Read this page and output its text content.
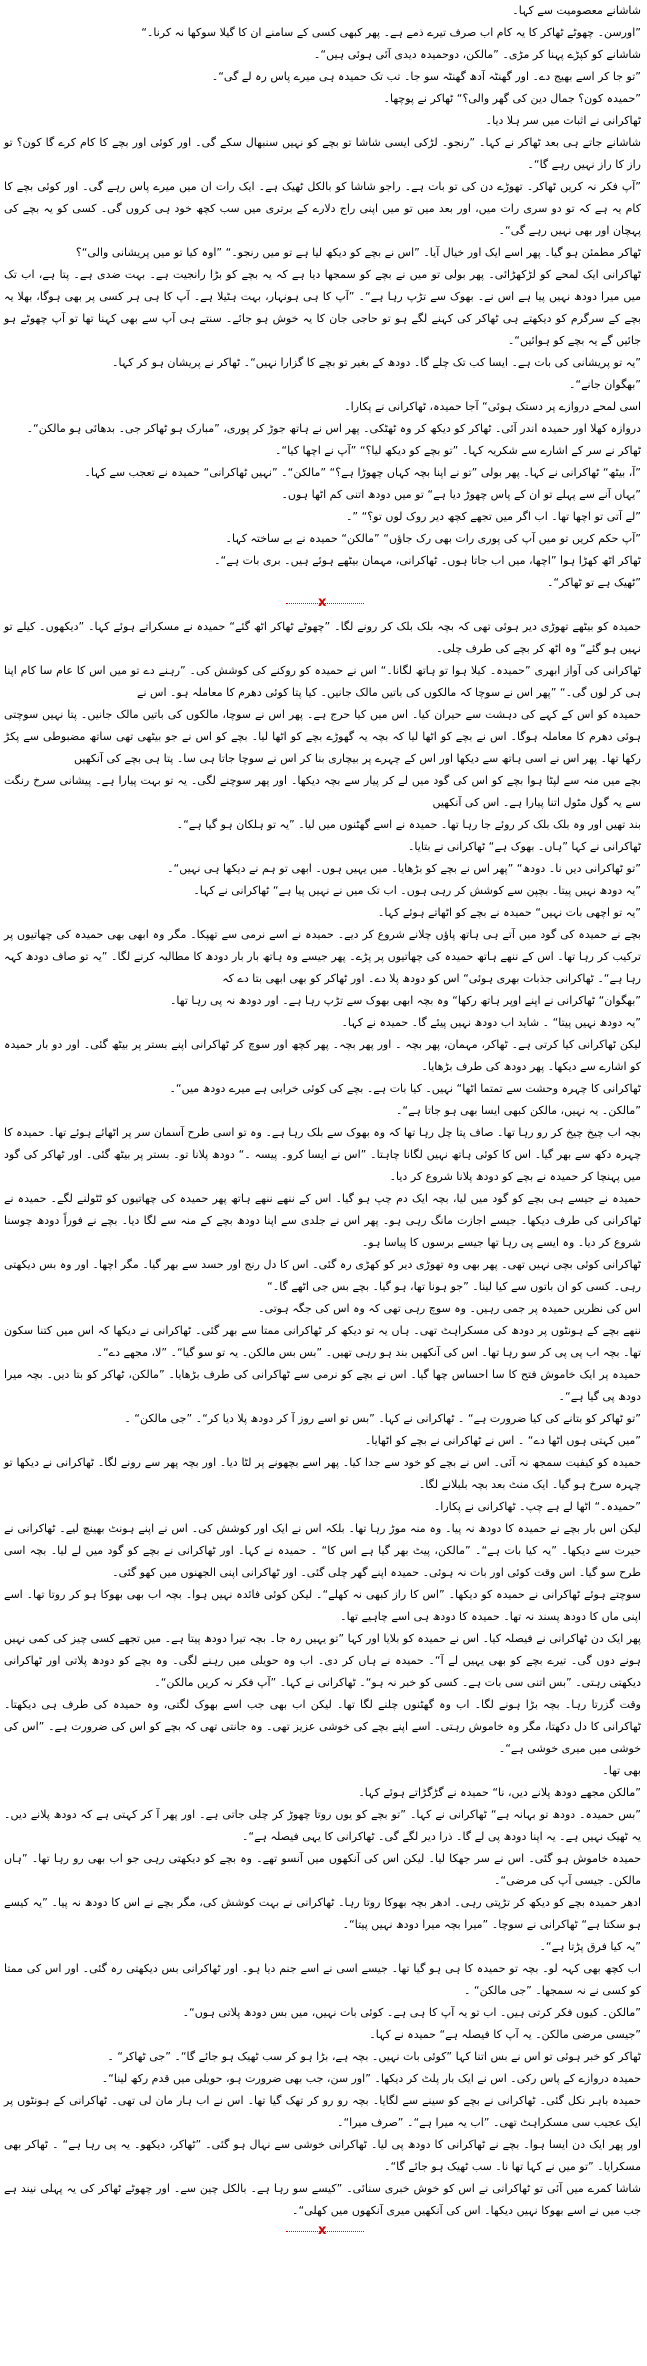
شاشانے معصومیت سے کہا۔

”اورسن۔ چھوٹے ٹھاکر کا یہ کام اب صرف تیرے ذمے ہے۔ پھر کبھی کسی کے سامنے ان کا گیلا سوکھا نہ کرنا۔“

شاشانے کو کپڑے پہنا کر مڑی۔ ”مالکن، دوحمیدہ دیدی آئی ہوئی ہیں“۔

”تو جا کر اسے بھیج دے۔ اور گھنٹہ آدھ گھنٹہ سو جا۔ تب تک حمیدہ ہی میرے پاس رہ لے گی“۔

”حمیدہ کون؟ جمال دین کی گھر والی؟“ ٹھاکر نے پوچھا۔

ٹھاکرانی نے اثبات میں سر ہلا دیا۔

شاشانے جاتے ہی بعد ٹھاکر نے کہا۔ ”رنجو۔ لڑکی ایسی شاشا تو بچے کو نہیں سنبھال سکے گی۔ اور کوئی اور بچے کا کام کرے گا کون؟ تو راز کا راز نہیں رہے گا“۔

”آپ فکر نہ کریں ٹھاکر۔ تھوڑے دن کی تو بات ہے۔ راجو شاشا کو بالکل ٹھیک ہے۔ ایک رات ان میں میرے پاس رہے گی۔ اور کوئی بچے کا کام یہ ہے کہ تو دو سری رات میں، اور بعد میں تو میں اپنی راج دلارے کے برتری میں سب کچھ خود ہی کروں گی۔ کسی کو یہ بچے کی پہچان اور بھی نہیں رہے گی“۔

ٹھاکر مطمئن ہو گیا۔ پھر اسے ایک اور خیال آیا۔ ”اس نے بچے کو دیکھ لیا ہے تو میں رنجو۔“ ”اوہ کیا تو میں پریشانی والی“؟

ٹھاکرانی ایک لمحے کو لڑکھڑائی۔ پھر بولی تو میں نے بچے کو سمجھا دیا ہے کہ یہ بچے کو بڑا رانجیت ہے۔ بہت ضدی ہے۔ پتا ہے، اب تک میں میرا دودھ نہیں پیا ہے اس نے۔ بھوک سے تڑپ رہا ہے“۔ ”آپ کا ہی ہونہار، بہت ہٹیلا ہے۔ آپ کا ہی ہر کسی پر بھی ہوگا، بھلا یہ بچے کے سرگرم کو دیکھتے ہی ٹھاکر کی کہنے لگے ہو تو حاجی جان کا یہ خوش ہو جائے۔ سنتے ہی آپ سے بھی کہنا تھا تو آپ چھوٹے ہو جائیں گے یہ بچے کو ہوائیں“۔

”یہ تو پریشانی کی بات ہے۔ ایسا کب تک چلے گا۔ دودھ کے بغیر تو بچے کا گزارا نہیں“۔ ٹھاکر نے پریشان ہو کر کہا۔

”بھگوان جانے“۔

اسی لمحے دروازے پر دستک ہوئی“ آجا حمیدہ، ٹھاکرانی نے پکارا۔

دروازہ کھلا اور حمیدہ اندر آئی۔ ٹھاکر کو دیکھ کر وہ ٹھٹکی۔ پھر اس نے ہاتھ جوڑ کر پوری، ”مبارک ہو ٹھاکر جی۔ بدھائی ہو مالکن“۔

ٹھاکر نے سر کے اشارے سے شکریہ کہا۔ ”تو بچے کو دیکھ لیا؟“ ”آپ نے اچھا کیا“۔

”آ، بیٹھ“ ٹھاکرانی نے کہا۔ پھر بولی ”تو نے اپنا بچہ کہاں چھوڑا ہے؟“ ”مالکن“۔ ”نہیں ٹھاکرانی“ حمیدہ نے تعجب سے کہا۔

”یہاں آنے سے پہلے تو ان کے پاس چھوڑ دیا ہے“ تو میں دودھ اتنی کم اٹھا ہوں۔

”لے آتی تو اچھا تھا۔ اب اگر میں تجھے کچھ دیر روک لوں تو؟“ ”۔

”آپ حکم کریں تو میں آپ کی پوری رات بھی رک جاؤں“ ”مالکن“ حمیدہ نے بے ساختہ کہا۔

ٹھاکر اٹھ کھڑا ہوا ”اچھا، میں اب جاتا ہوں۔ ٹھاکرانی، مہمان بیٹھے ہوئے ہیں۔ بری بات ہے“۔

”ٹھیک ہے تو ٹھاکر“۔

x

حمیدہ کو بیٹھے تھوڑی دیر ہوئی تھی کہ بچہ بلک بلک کر رونے لگا۔ ”چھوٹے ٹھاکر اٹھ گئے“ حمیدہ نے مسکراتے ہوئے کہا۔ ”دیکھوں۔ کیلے تو نہیں ہو گئے“ وہ اٹھ کر بچے کی طرف چلی۔

ٹھاکرانی کی آواز ابھری ”حمیدہ۔ کیلا ہوا تو ہاتھ لگانا۔“ اس نے حمیدہ کو روکنے کی کوشش کی۔ ”رہنے دے تو میں اس کا عام سا کام اپنا ہی کر لوں گی۔“ ”پھر اس نے سوچا کہ مالکوں کی باتیں مالک جانیں۔ کیا پتا کوئی دھرم کا معاملہ ہو۔ اس نے

حمیدہ کو اس کے کہے کی دہشت سے حیران کیا۔ اس میں کیا حرج ہے۔ پھر اس نے سوچا، مالکوں کی باتیں مالک جانیں۔ پتا نہیں سوچتی ہوئی دھرم کا معاملہ ہوگا۔ اس نے بچے کو اٹھا لیا کہ بچہ یہ گھوڑے بچے کو اٹھا لیا۔ بچے کو اس نے جو بیٹھی تھی ساتھ مضبوطی سے پکڑ رکھا تھا۔ پھر اس نے اسی ہاتھ سے دیکھا اور اس کے چہرے پر بیچاری بنا کر اس نے سوچا جاتا ہی سا۔ پتا ہی بچے کی آنکھیں

بچے میں منہ سے لپٹا ہوا بچے کو اس کی گود میں لے کر پیار سے بچہ دیکھا۔ اور پھر سوچنے لگی۔ یہ تو بہت پیارا ہے۔ پیشانی سرخ رنگت سے یہ گول مٹول اتنا پیارا ہے۔ اس کی آنکھیں

بند تھیں اور وہ بلک بلک کر روئے جا رہا تھا۔ حمیدہ نے اسے گھٹنوں میں لیا۔ ”یہ تو ہلکان ہو گیا ہے“۔

ٹھاکرانی نے کہا ”ہاں۔ بھوک ہے“ ٹھاکرانی نے بتایا۔

”تو ٹھاکرانی دیں نا۔ دودھ“ ”پھر اس نے بچے کو بڑھایا۔ میں یہیں ہوں۔ ابھی تو ہم نے دیکھا ہی نہیں“۔

”یہ دودھ نہیں پیتا۔ بچپن سے کوشش کر رہی ہوں۔ اب تک میں نے نہیں پیا ہے“ ٹھاکرانی نے کہا۔

”یہ تو اچھی بات نہیں“ حمیدہ نے بچے کو اٹھاتے ہوئے کہا۔

بچے نے حمیدہ کی گود میں آتے ہی ہاتھ پاؤں چلانے شروع کر دیے۔ حمیدہ نے اسے نرمی سے تھپکا۔ مگر وہ ابھی بھی حمیدہ کی چھاتیوں پر ترکیب کر رہا تھا۔ اس کے ننھے ہاتھ حمیدہ کی چھاتیوں پر پڑے۔ پھر جیسے وہ ہاتھ بار بار دودھ کا مطالبہ کرنے لگا۔ ”یہ تو صاف دودھ کہہ رہا ہے“۔ ٹھاکرانی جذبات بھری ہوئی“ اس کو دودھ پلا دے۔ اور ٹھاکر کو بھی ابھی بتا دے کہ

”بھگوان“ ٹھاکرانی نے اپنے اوپر ہاتھ رکھا“ وہ بچہ ابھی بھوک سے تڑپ رہا ہے۔ اور دودھ نہ پی رہا تھا۔

”یہ دودھ نہیں پیتا“ ۔ شاید اب دودھ نہیں پیئے گا۔ حمیدہ نے کہا۔

لیکن ٹھاکرانی کیا کرتی ہے۔ ٹھاکر، مہمان، پھر بچہ ۔ اور پھر بچہ۔ پھر کچھ اور سوچ کر ٹھاکرانی اپنے بستر پر بیٹھ گئی۔ اور دو بار حمیدہ کو اشارے سے دیکھا۔ پھر دودھ کی طرف بڑھایا۔

ٹھاکرانی کا چہرہ وحشت سے تمتما اٹھا“ نہیں۔ کیا بات ہے۔ بچے کی کوئی خرابی ہے میرے دودھ میں“۔

”مالکن۔ یہ نہیں، مالکن کبھی ایسا بھی ہو جاتا ہے“۔

بچہ اب چیخ چیخ کر رو رہا تھا۔ صاف پتا چل رہا تھا کہ وہ بھوک سے بلک رہا ہے۔ وہ تو اسی طرح آسمان سر پر اٹھائے ہوئے تھا۔ حمیدہ کا چہرہ دکھ سے بھر گیا۔ اس کا کوئی ہاتھ نہیں لگانا چاہتا۔ ”اس نے ایسا کرو۔ پیسہ ۔“ دودھ پلانا تو۔ بستر پر بیٹھ گئی۔ اور ٹھاکر کی گود میں پہنچا کر حمیدہ نے بچے کو دودھ پلانا شروع کر دیا۔

حمیدہ نے جیسے ہی بچے کو گود میں لیا، بچہ ایک دم چپ ہو گیا۔ اس کے ننھے ننھے ہاتھ پھر حمیدہ کی چھاتیوں کو ٹٹولنے لگے۔ حمیدہ نے ٹھاکرانی کی طرف دیکھا۔ جیسے اجازت مانگ رہی ہو۔ پھر اس نے جلدی سے اپنا دودھ بچے کے منہ سے لگا دیا۔ بچے نے فوراً دودھ چوسنا شروع کر دیا۔ وہ ایسے پی رہا تھا جیسے برسوں کا پیاسا ہو۔

ٹھاکرانی کوئی بچی نہیں تھی۔ پھر بھی وہ تھوڑی دیر کو کھڑی رہ گئی۔ اس کا دل رنج اور حسد سے بھر گیا۔ مگر اچھا۔ اور وہ بس دیکھتی رہی۔ کسی کو ان باتوں سے کیا لینا۔ ”جو ہونا تھا، ہو گیا۔ بچے بس جی اٹھے گا۔“

اس کی نظریں حمیدہ پر جمی رہیں۔ وہ سوچ رہی تھی کہ وہ اس کی جگہ ہوتی۔

ننھے بچے کے ہونٹوں پر دودھ کی مسکراہٹ تھی۔ ہاں یہ تو دیکھ کر ٹھاکرانی ممتا سے بھر گئی۔ ٹھاکرانی نے دیکھا کہ اس میں کتنا سکون تھا۔ بچہ اب پی پی کر سو رہا تھا۔ اس کی آنکھیں بند ہو رہی تھیں۔ ”بس بس مالکن۔ یہ تو سو گیا“۔ ”لا، مجھے دے“۔

حمیدہ پر ایک خاموش فتح کا سا احساس چھا گیا۔ اس نے بچے کو نرمی سے ٹھاکرانی کی طرف بڑھایا۔ ”مالکن، ٹھاکر کو بتا دیں۔ بچہ میرا دودھ پی گیا ہے“۔

”تو ٹھاکر کو بتانے کی کیا ضرورت ہے“ ۔ ٹھاکرانی نے کہا۔ ”بس تو اسے روز آ کر دودھ پلا دیا کر“۔ ”جی مالکن“ ۔

”میں کہتی ہوں اٹھا دے“ ۔ اس نے ٹھاکرانی نے بچے کو اٹھایا۔

حمیدہ کو کیفیت سمجھ نہ آئی۔ اس نے بچے کو خود سے جدا کیا۔ پھر اسے بچھونے پر لٹا دیا۔ اور بچہ پھر سے رونے لگا۔ ٹھاکرانی نے دیکھا تو چہرہ سرخ ہو گیا۔ ایک منٹ بعد بچہ بلبلانے لگا۔

”حمیدہ۔“ اٹھا لے ہے چپ۔ ٹھاکرانی نے پکارا۔

لیکن اس بار بچے نے حمیدہ کا دودھ نہ پیا۔ وہ منہ موڑ رہا تھا۔ بلکہ اس نے ایک اور کوشش کی۔ اس نے اپنے ہونٹ بھینچ لیے۔ ٹھاکرانی نے حیرت سے دیکھا۔ ”یہ کیا بات ہے“۔ ”مالکن، پیٹ بھر گیا ہے اس کا“ ۔ حمیدہ نے کہا۔ اور ٹھاکرانی نے بچے کو گود میں لے لیا۔ بچہ اسی طرح سو گیا۔ اس وقت کوئی اور بات نہ ہوئی۔ حمیدہ اپنے گھر چلی گئی۔ اور ٹھاکرانی اپنی الجھنوں میں کھو گئی۔

سوچتے ہوئے ٹھاکرانی نے حمیدہ کو دیکھا۔ ”اس کا راز کبھی نہ کھلے“۔ لیکن کوئی فائدہ نہیں ہوا۔ بچہ اب بھی بھوکا ہو کر روتا تھا۔ اسے اپنی ماں کا دودھ پسند نہ تھا۔ حمیدہ کا دودھ ہی اسے چاہیے تھا۔

پھر ایک دن ٹھاکرانی نے فیصلہ کیا۔ اس نے حمیدہ کو بلایا اور کہا ”تو یہیں رہ جا۔ بچہ تیرا دودھ پیتا ہے۔ میں تجھے کسی چیز کی کمی نہیں ہونے دوں گی۔ تیرے بچے کو بھی یہیں لے آ“۔ حمیدہ نے ہاں کر دی۔ اب وہ حویلی میں رہنے لگی۔ وہ بچے کو دودھ پلاتی اور ٹھاکرانی دیکھتی رہتی۔ ”بس اتنی سی بات ہے۔ کسی کو خبر نہ ہو“۔ ٹھاکرانی نے کہا۔ ”آپ فکر نہ کریں مالکن“۔

وقت گزرتا رہا۔ بچہ بڑا ہونے لگا۔ اب وہ گھٹنوں چلنے لگا تھا۔ لیکن اب بھی جب اسے بھوک لگتی، وہ حمیدہ کی طرف ہی دیکھتا۔ ٹھاکرانی کا دل دکھتا، مگر وہ خاموش رہتی۔ اسے اپنے بچے کی خوشی عزیز تھی۔ وہ جانتی تھی کہ بچے کو اس کی ضرورت ہے۔ ”اس کی خوشی میں میری خوشی ہے“۔

بھی تھا۔

”مالکن مجھے دودھ پلانے دیں، نا“ حمیدہ نے گڑگڑاتے ہوئے کہا۔

”بس حمیدہ۔ دودھ تو بہانہ ہے“ ٹھاکرانی نے کہا۔ ”تو بچے کو یوں روتا چھوڑ کر چلی جاتی ہے۔ اور پھر آ کر کہتی ہے کہ دودھ پلانے دیں۔ یہ ٹھیک نہیں ہے۔ یہ اپنا دودھ پی لے گا۔ ذرا دیر لگے گی۔ ٹھاکرانی کا یہی فیصلہ ہے“۔

حمیدہ خاموش ہو گئی۔ اس نے سر جھکا لیا۔ لیکن اس کی آنکھوں میں آنسو تھے۔ وہ بچے کو دیکھتی رہی جو اب بھی رو رہا تھا۔ ”ہاں مالکن۔ جیسی آپ کی مرضی“۔

ادھر حمیدہ بچے کو دیکھ کر تڑپتی رہی۔ ادھر بچہ بھوکا روتا رہا۔ ٹھاکرانی نے بہت کوشش کی، مگر بچے نے اس کا دودھ نہ پیا۔ ”یہ کیسے ہو سکتا ہے“ ٹھاکرانی نے سوچا۔ ”میرا بچہ میرا دودھ نہیں پیتا“۔

”یہ کیا فرق پڑتا ہے“۔

اب کچھ بھی کہہ لو۔ بچہ تو حمیدہ کا ہی ہو گیا تھا۔ جیسے اسی نے اسے جنم دیا ہو۔ اور ٹھاکرانی بس دیکھتی رہ گئی۔ اور اس کی ممتا کو کسی نے نہ سمجھا۔ ”جی مالکن“ ۔

”مالکن۔ کیوں فکر کرتی ہیں۔ اب تو یہ آپ کا ہی ہے۔ کوئی بات نہیں، میں بس دودھ پلاتی ہوں“۔

”جیسی مرضی مالکن۔ یہ آپ کا فیصلہ ہے“ حمیدہ نے کہا۔

ٹھاکر کو خبر ہوئی تو اس نے بس اتنا کہا ”کوئی بات نہیں۔ بچہ ہے، بڑا ہو کر سب ٹھیک ہو جائے گا“۔ ”جی ٹھاکر“ ۔

حمیدہ دروازے کے پاس رکی۔ اس نے ایک بار پلٹ کر دیکھا۔ ”اور سن، جب بھی ضرورت ہو، حویلی میں قدم رکھ لینا“۔

حمیدہ باہر نکل گئی۔ ٹھاکرانی نے بچے کو سینے سے لگایا۔ بچہ رو رو کر تھک گیا تھا۔ اس نے اب ہار مان لی تھی۔ ٹھاکرانی کے ہونٹوں پر ایک عجیب سی مسکراہٹ تھی۔ ”اب یہ میرا ہے“۔ ”صرف میرا“۔

اور پھر ایک دن ایسا ہوا۔ بچے نے ٹھاکرانی کا دودھ پی لیا۔ ٹھاکرانی خوشی سے نہال ہو گئی۔ ”ٹھاکر، دیکھو۔ یہ پی رہا ہے“ ۔ ٹھاکر بھی مسکرایا۔ ”تو میں نے کہا تھا نا۔ سب ٹھیک ہو جائے گا“۔

شاشا کمرے میں آئی تو ٹھاکرانی نے اس کو خوش خبری سنائی۔ ”کیسے سو رہا ہے۔ بالکل چین سے۔ اور چھوٹے ٹھاکر کی یہ پہلی نیند ہے جب میں نے اسے بھوکا نہیں دیکھا۔ اس کی آنکھیں میری آنکھوں میں کھلی“۔

x
